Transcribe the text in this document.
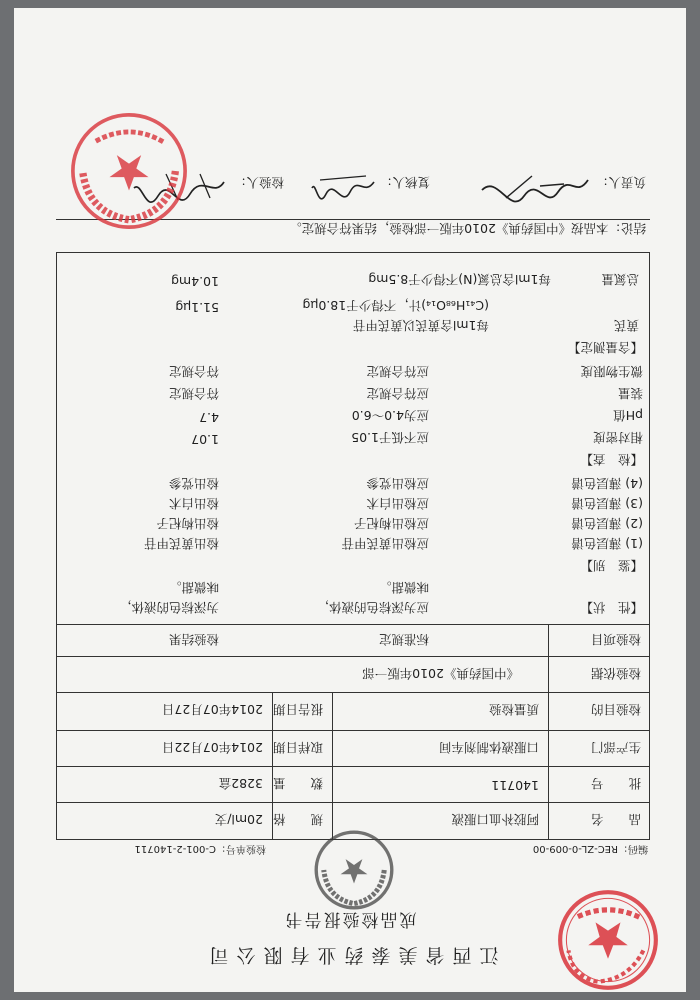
江西省美泰药业有限公司
成品检验报告书
编码：REC-ZL-0-009-00
检验单号：C-001-2-140711
品　　名
阿胶补血口服液
规　　格
20ml/支
批　　号
140711
数　　量
3282盒
生产部门
口服液体制剂车间
取样日期
2014年07月22日
检验目的
质量检验
报告日期
2014年07月27日
检验依据
《中国药典》2010年版一部
检验项目
标准规定
检验结果
【性　状】
应为深棕色的液体，
味微甜。
为深棕色的液体，
味微甜。
【鉴　别】
(1) 薄层色谱
应检出黄芪甲苷
检出黄芪甲苷
(2) 薄层色谱
应检出枸杞子
检出枸杞子
(3) 薄层色谱
应检出白术
检出白术
(4) 薄层色谱
应检出党参
检出党参
【检　查】
相对密度
应不低于1.05
1.07
pH值
应为4.0～6.0
4.7
装量
应符合规定
符合规定
微生物限度
应符合规定
符合规定
【含量测定】
黄芪
每1ml含黄芪以黄芪甲苷
(C₄₁H₆₈O₁₄)计，不得少于18.0μg
51.1μg
总氮量
每1ml含总氮(N)不得少于8.5mg
10.4mg
结论：本品按《中国药典》2010年版一部检验，结果符合规定。
负责人：
复核人：
检验人：
